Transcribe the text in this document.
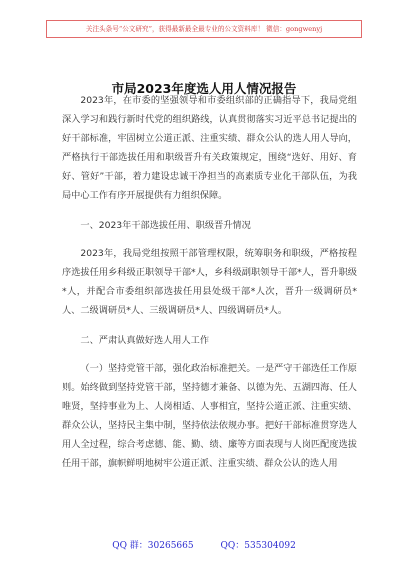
关注头条号“公文研究”，获得最新最全最专业的公文资料库！ 微信：gongwenyj
市局2023年度选人用人情况报告

2023年，在市委的坚强领导和市委组织部的正确指导下，我局党组深入学习和践行新时代党的组织路线，认真贯彻落实习近平总书记提出的好干部标准，牢固树立公道正派、注重实绩、群众公认的选人用人导向，严格执行干部选拔任用和职级晋升有关政策规定，围绕“选好、用好、育好、管好”干部，着力建设忠诚干净担当的高素质专业化干部队伍，为我局中心工作有序开展提供有力组织保障。

一、2023年干部选拔任用、职级晋升情况

2023年，我局党组按照干部管理权限，统筹职务和职级，严格按程序选拔任用乡科级正职领导干部*人，乡科级副职领导干部*人，晋升职级*人，并配合市委组织部选拔任用县处级干部*人次，晋升一级调研员*人、二级调研员*人、三级调研员*人、四级调研员*人。

二、严肃认真做好选人用人工作

（一）坚持党管干部，强化政治标准把关。一是严守干部选任工作原则。始终做到坚持党管干部，坚持德才兼备、以德为先、五湖四海、任人唯贤，坚持事业为上、人岗相适、人事相宜，坚持公道正派、注重实绩、群众公认，坚持民主集中制，坚持依法依规办事。把好干部标准贯穿选人用人全过程，综合考虑德、能、勤、绩、廉等方面表现与人岗匹配度选拔任用干部，旗帜鲜明地树牢公道正派、注重实绩、群众公认的选人用

QQ 群：30265665	QQ：535304092
